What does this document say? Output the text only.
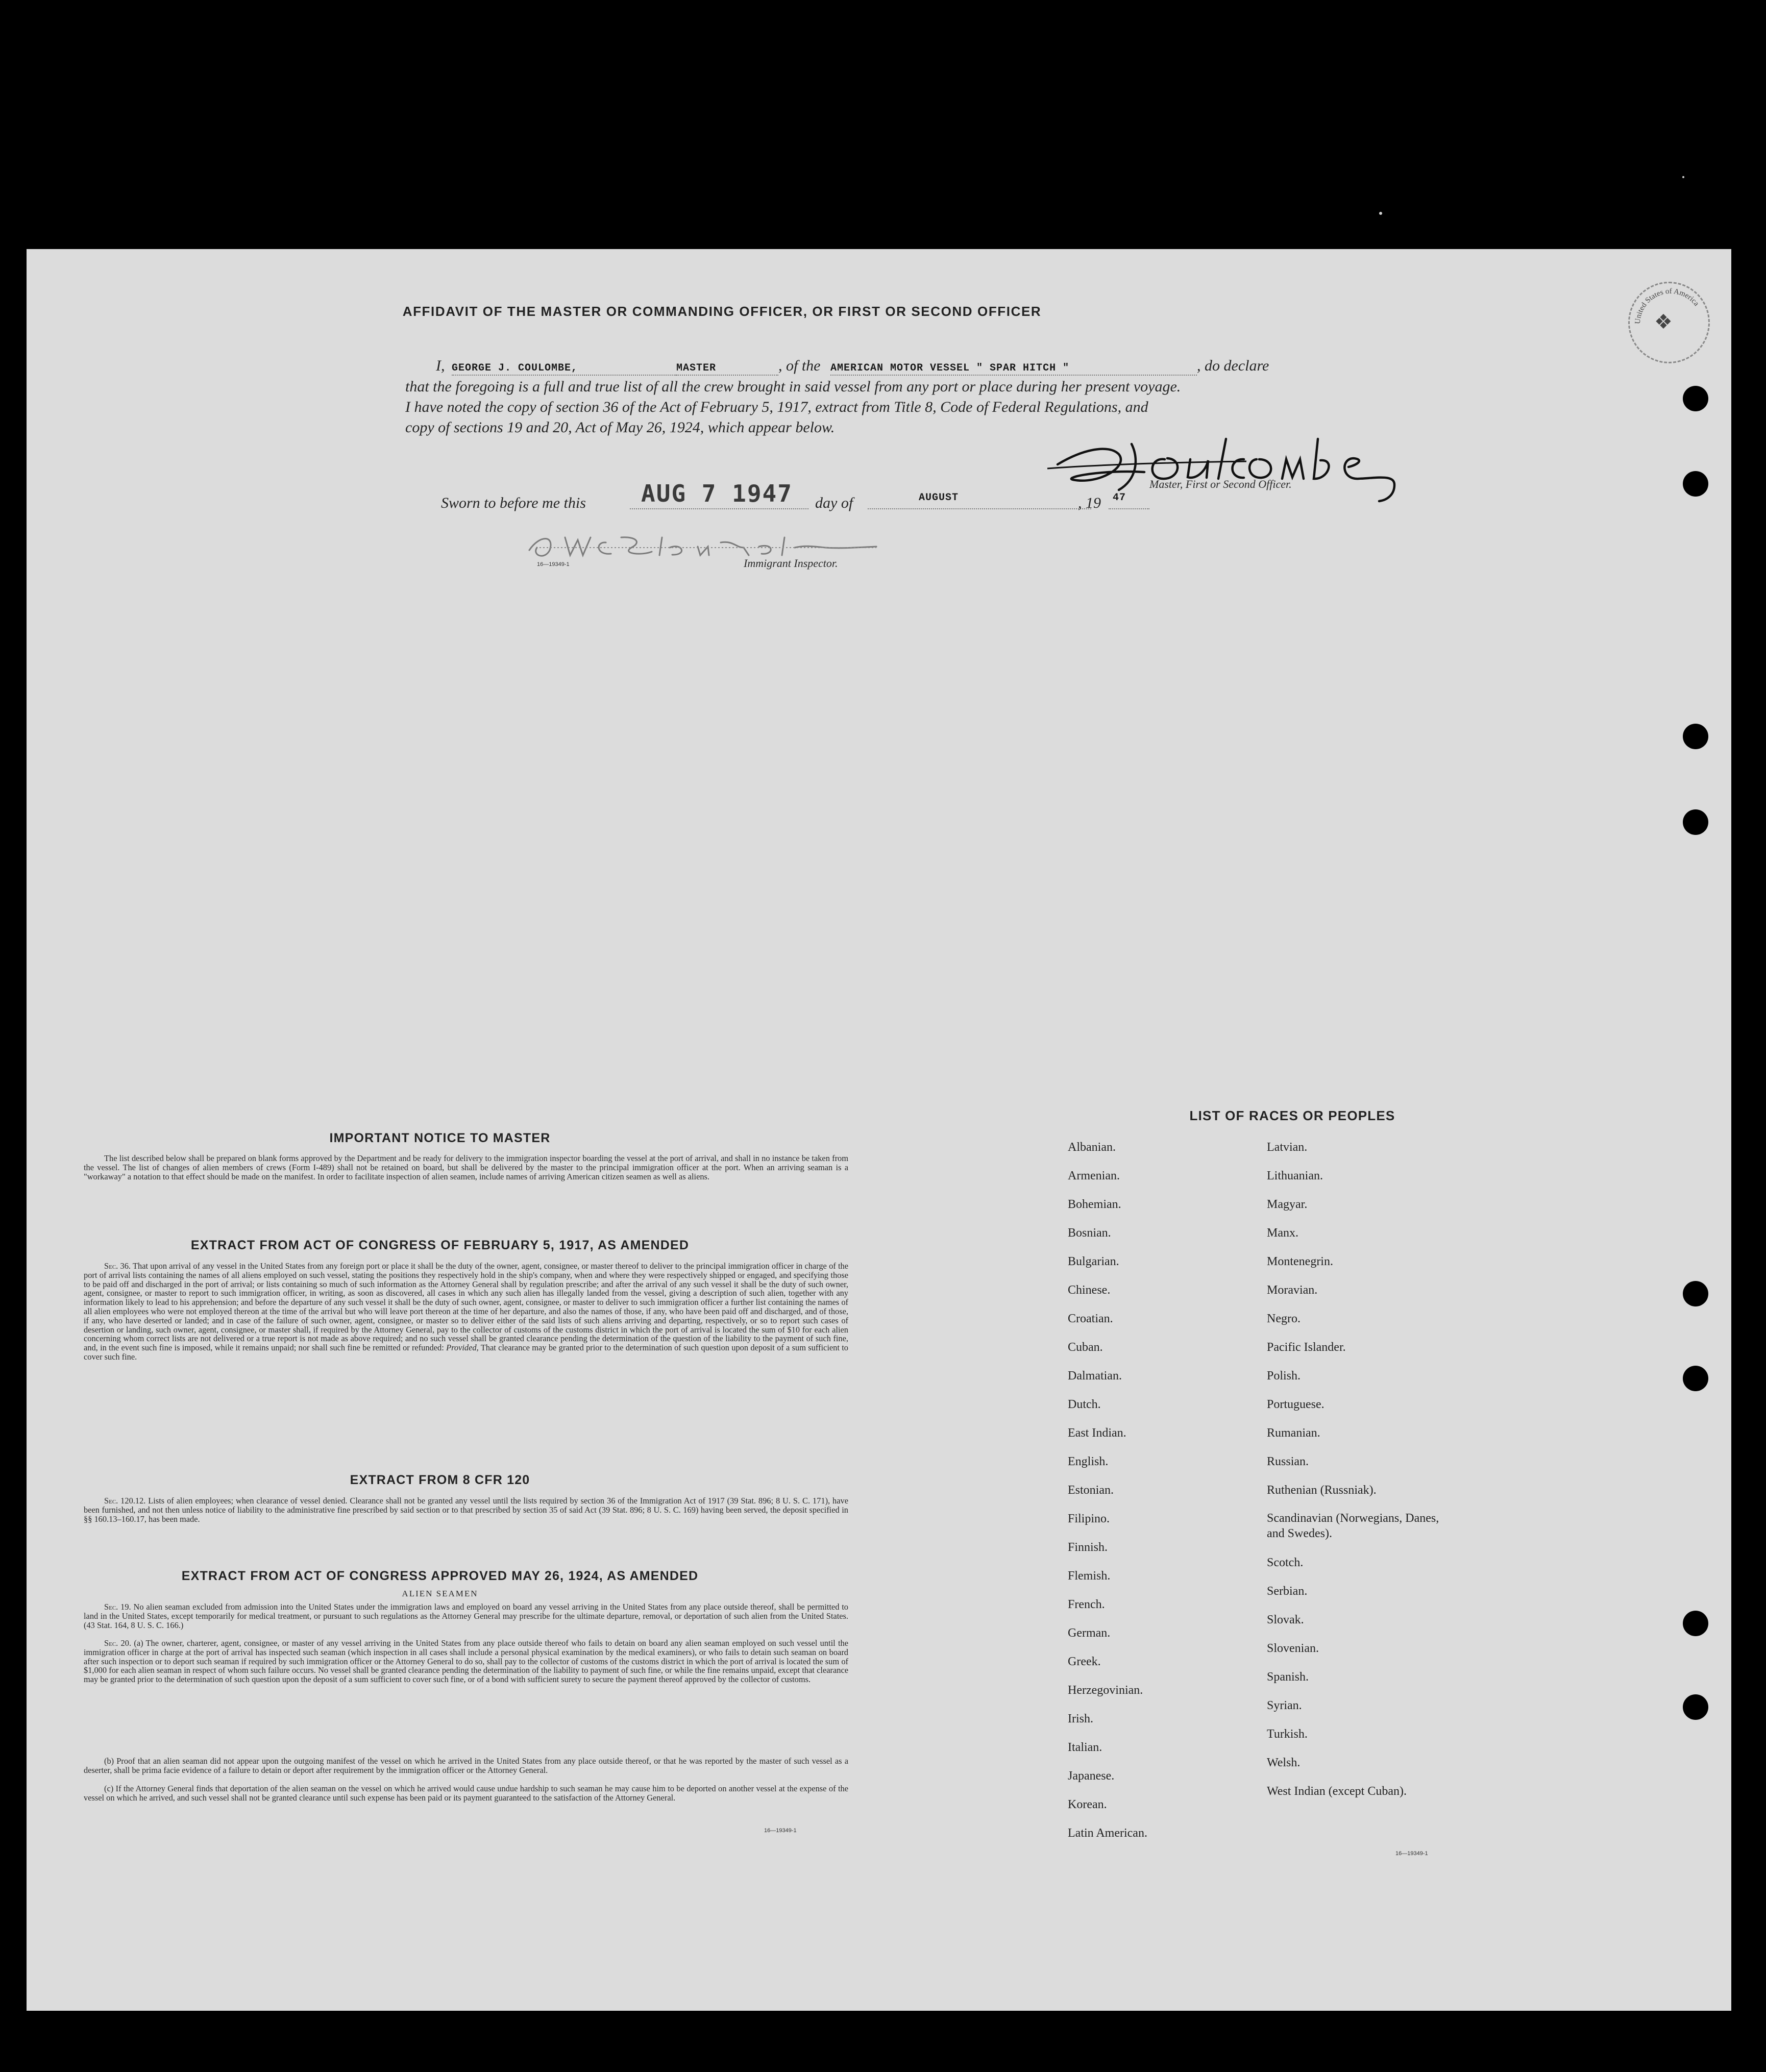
AFFIDAVIT OF THE MASTER OR COMMANDING OFFICER, OR FIRST OR SECOND OFFICER
I, GEORGE J. COULOMBE,	MASTER	, of the AMERICAN MOTOR VESSEL " SPAR HITCH "	, do declare
that the foregoing is a full and true list of all the crew brought in said vessel from any port or place during her present voyage.
I have noted the copy of section 36 of the Act of February 5, 1917, extract from Title 8, Code of Federal Regulations, and
copy of sections 19 and 20, Act of May 26, 1924, which appear below.
Master, First or Second Officer.
Sworn to before me this AUG 7 1947 day of	AUGUST	, 19 47
16—19349-1	Immigrant Inspector.
❖
United States of America
IMPORTANT NOTICE TO MASTER
The list described below shall be prepared on blank forms approved by the Department and be ready for delivery to the immigration inspector boarding the vessel at the port of arrival, and shall in no instance be taken from the vessel. The list of changes of alien members of crews (Form I-489) shall not be retained on board, but shall be delivered by the master to the principal immigration officer at the port. When an arriving seaman is a "workaway" a notation to that effect should be made on the manifest. In order to facilitate inspection of alien seamen, include names of arriving American citizen seamen as well as aliens.
EXTRACT FROM ACT OF CONGRESS OF FEBRUARY 5, 1917, AS AMENDED
Sec. 36. That upon arrival of any vessel in the United States from any foreign port or place it shall be the duty of the owner, agent, consignee, or master thereof to deliver to the principal immigration officer in charge of the port of arrival lists containing the names of all aliens employed on such vessel, stating the positions they respectively hold in the ship's company, when and where they were respectively shipped or engaged, and specifying those to be paid off and discharged in the port of arrival; or lists containing so much of such information as the Attorney General shall by regulation prescribe; and after the arrival of any such vessel it shall be the duty of such owner, agent, consignee, or master to report to such immigration officer, in writing, as soon as discovered, all cases in which any such alien has illegally landed from the vessel, giving a description of such alien, together with any information likely to lead to his apprehension; and before the departure of any such vessel it shall be the duty of such owner, agent, consignee, or master to deliver to such immigration officer a further list containing the names of all alien employees who were not employed thereon at the time of the arrival but who will leave port thereon at the time of her departure, and also the names of those, if any, who have been paid off and discharged, and of those, if any, who have deserted or landed; and in case of the failure of such owner, agent, consignee, or master so to deliver either of the said lists of such aliens arriving and departing, respectively, or so to report such cases of desertion or landing, such owner, agent, consignee, or master shall, if required by the Attorney General, pay to the collector of customs of the customs district in which the port of arrival is located the sum of $10 for each alien concerning whom correct lists are not delivered or a true report is not made as above required; and no such vessel shall be granted clearance pending the determination of the question of the liability to the payment of such fine, and, in the event such fine is imposed, while it remains unpaid; nor shall such fine be remitted or refunded: Provided, That clearance may be granted prior to the determination of such question upon deposit of a sum sufficient to cover such fine.
EXTRACT FROM 8 CFR 120
Sec. 120.12. Lists of alien employees; when clearance of vessel denied. Clearance shall not be granted any vessel until the lists required by section 36 of the Immigration Act of 1917 (39 Stat. 896; 8 U. S. C. 171), have been furnished, and not then unless notice of liability to the administrative fine prescribed by said section or to that prescribed by section 35 of said Act (39 Stat. 896; 8 U. S. C. 169) having been served, the deposit specified in §§ 160.13–160.17, has been made.
EXTRACT FROM ACT OF CONGRESS APPROVED MAY 26, 1924, AS AMENDED
ALIEN SEAMEN
Sec. 19. No alien seaman excluded from admission into the United States under the immigration laws and employed on board any vessel arriving in the United States from any place outside thereof, shall be permitted to land in the United States, except temporarily for medical treatment, or pursuant to such regulations as the Attorney General may prescribe for the ultimate departure, removal, or deportation of such alien from the United States. (43 Stat. 164, 8 U. S. C. 166.)
Sec. 20. (a) The owner, charterer, agent, consignee, or master of any vessel arriving in the United States from any place outside thereof who fails to detain on board any alien seaman employed on such vessel until the immigration officer in charge at the port of arrival has inspected such seaman (which inspection in all cases shall include a personal physical examination by the medical examiners), or who fails to detain such seaman on board after such inspection or to deport such seaman if required by such immigration officer or the Attorney General to do so, shall pay to the collector of customs of the customs district in which the port of arrival is located the sum of $1,000 for each alien seaman in respect of whom such failure occurs. No vessel shall be granted clearance pending the determination of the liability to payment of such fine, or while the fine remains unpaid, except that clearance may be granted prior to the determination of such question upon the deposit of a sum sufficient to cover such fine, or of a bond with sufficient surety to secure the payment thereof approved by the collector of customs.
(b) Proof that an alien seaman did not appear upon the outgoing manifest of the vessel on which he arrived in the United States from any place outside thereof, or that he was reported by the master of such vessel as a deserter, shall be prima facie evidence of a failure to detain or deport after requirement by the immigration officer or the Attorney General.
(c) If the Attorney General finds that deportation of the alien seaman on the vessel on which he arrived would cause undue hardship to such seaman he may cause him to be deported on another vessel at the expense of the vessel on which he arrived, and such vessel shall not be granted clearance until such expense has been paid or its payment guaranteed to the satisfaction of the Attorney General.
16—19349-1
LIST OF RACES OR PEOPLES
Albanian.
Armenian.
Bohemian.
Bosnian.
Bulgarian.
Chinese.
Croatian.
Cuban.
Dalmatian.
Dutch.
East Indian.
English.
Estonian.
Filipino.
Finnish.
Flemish.
French.
German.
Greek.
Herzegovinian.
Irish.
Italian.
Japanese.
Korean.
Latin American.
Latvian.
Lithuanian.
Magyar.
Manx.
Montenegrin.
Moravian.
Negro.
Pacific Islander.
Polish.
Portuguese.
Rumanian.
Russian.
Ruthenian (Russniak).
Scandinavian (Norwegians, Danes, and Swedes).
Scotch.
Serbian.
Slovak.
Slovenian.
Spanish.
Syrian.
Turkish.
Welsh.
West Indian (except Cuban).
16—19349-1
